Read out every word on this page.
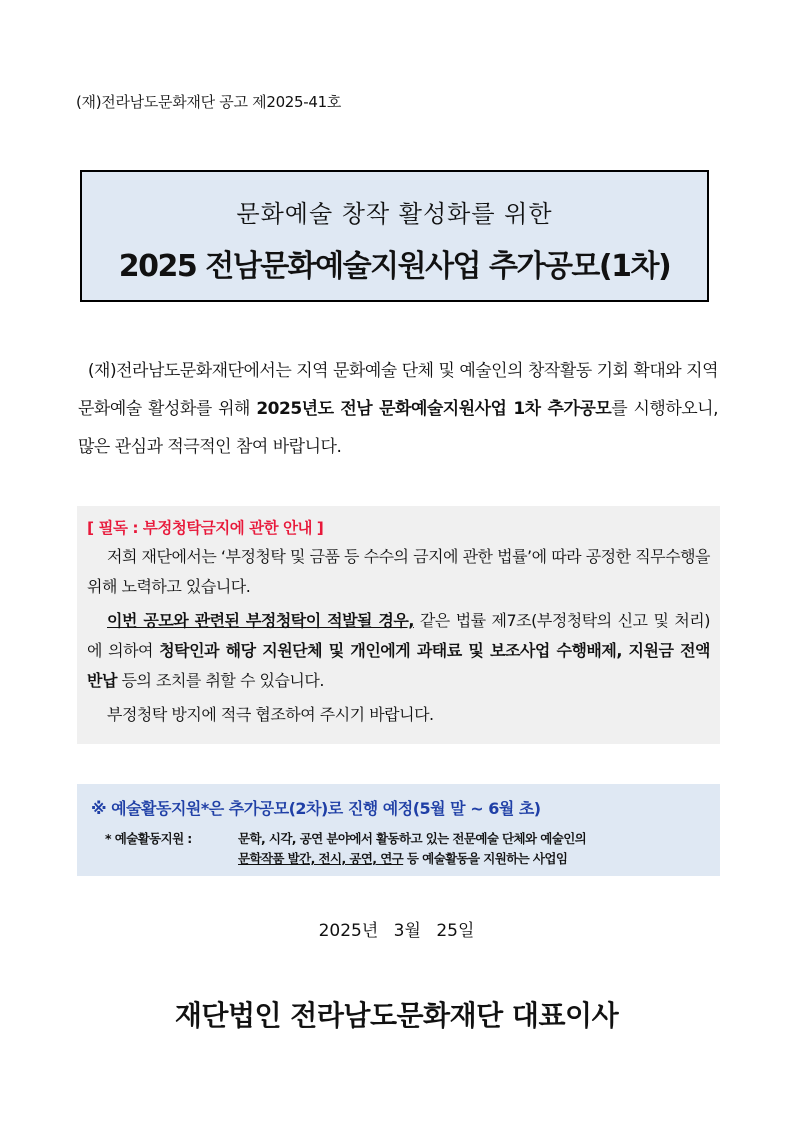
(재)전라남도문화재단 공고 제2025-41호
문화예술 창작 활성화를 위한
2025 전남문화예술지원사업 추가공모(1차)

(재)전라남도문화재단에서는 지역 문화예술 단체 및 예술인의 창작활동 기회 확대와 지역 문화예술 활성화를 위해 2025년도 전남 문화예술지원사업 1차 추가공모를 시행하오니, 많은 관심과 적극적인 참여 바랍니다.

[ 필독 : 부정청탁금지에 관한 안내 ]

저희 재단에서는 ‘부정청탁 및 금품 등 수수의 금지에 관한 법률’에 따라 공정한 직무수행을 위해 노력하고 있습니다.

이번 공모와 관련된 부정청탁이 적발될 경우, 같은 법률 제7조(부정청탁의 신고 및 처리)에 의하여 청탁인과 해당 지원단체 및 개인에게 과태료 및 보조사업 수행배제, 지원금 전액 반납 등의 조치를 취할 수 있습니다.

부정청탁 방지에 적극 협조하여 주시기 바랍니다.

※ 예술활동지원*은 추가공모(2차)로 진행 예정(5월 말 ~ 6월 초)

* 예술활동지원 :	문학, 시각, 공연 분야에서 활동하고 있는 전문예술 단체와 예술인의
문학작품 발간, 전시, 공연, 연구 등 예술활동을 지원하는 사업임
2025년 3월 25일
재단법인 전라남도문화재단 대표이사
